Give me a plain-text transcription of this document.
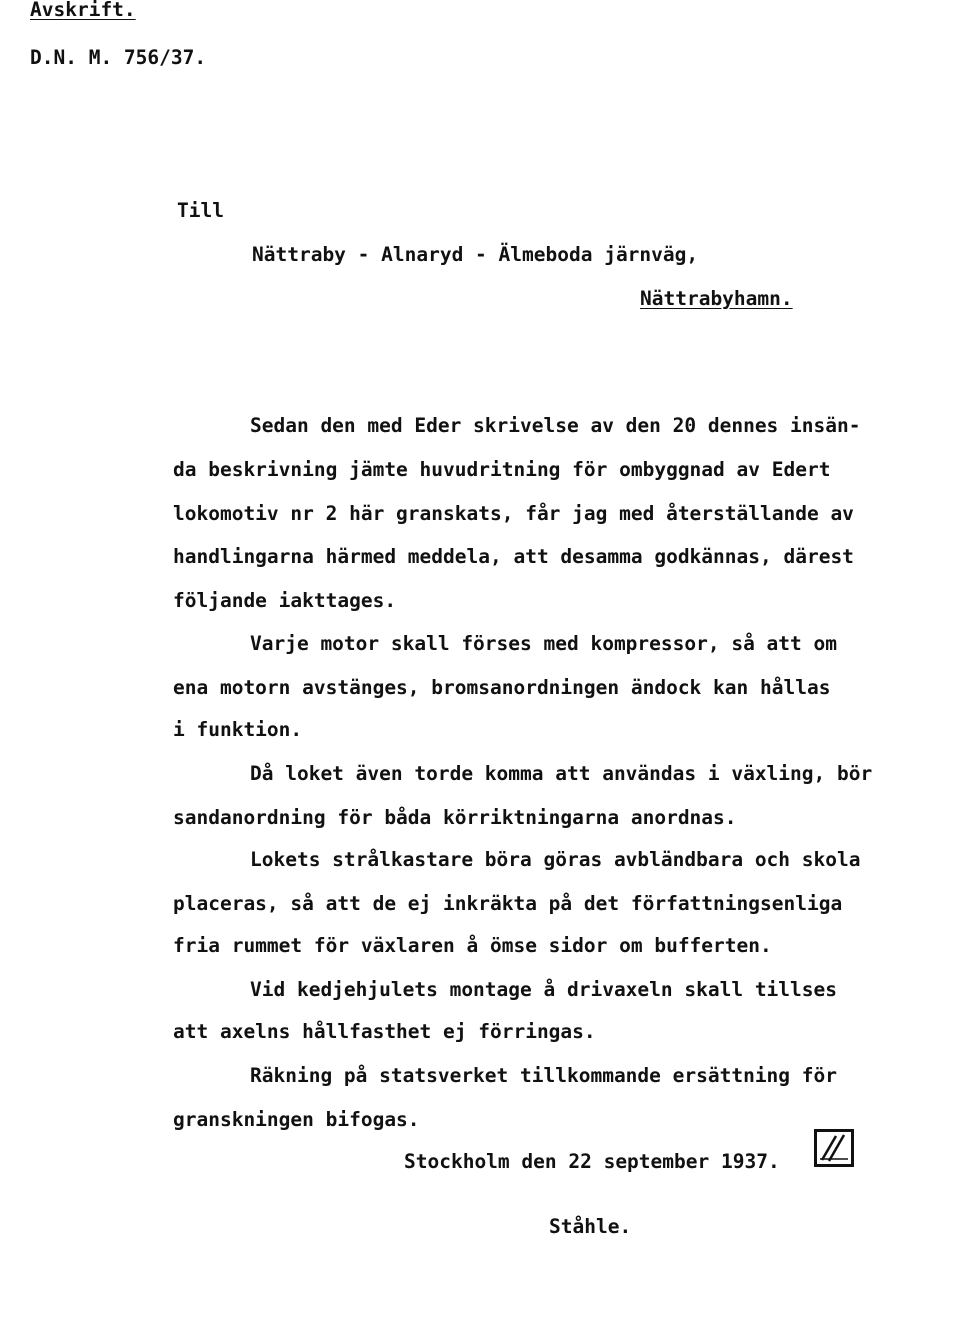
Avskrift.
D.N. M. 756/37.
Till
Nättraby - Alnaryd - Älmeboda järnväg,
Nättrabyhamn.
Sedan den med Eder skrivelse av den 20 dennes insän-
da beskrivning jämte huvudritning för ombyggnad av Edert
lokomotiv nr 2 här granskats, får jag med återställande av
handlingarna härmed meddela, att desamma godkännas, därest
följande iakttages.
Varje motor skall förses med kompressor, så att om
ena motorn avstänges, bromsanordningen ändock kan hållas
i funktion.
Då loket även torde komma att användas i växling, bör
sandanordning för båda körriktningarna anordnas.
Lokets strålkastare böra göras avbländbara och skola
placeras, så att de ej inkräkta på det författningsenliga
fria rummet för växlaren å ömse sidor om bufferten.
Vid kedjehjulets montage å drivaxeln skall tillses
att axelns hållfasthet ej förringas.
Räkning på statsverket tillkommande ersättning för
granskningen bifogas.
Stockholm den 22 september 1937.
Ståhle.
